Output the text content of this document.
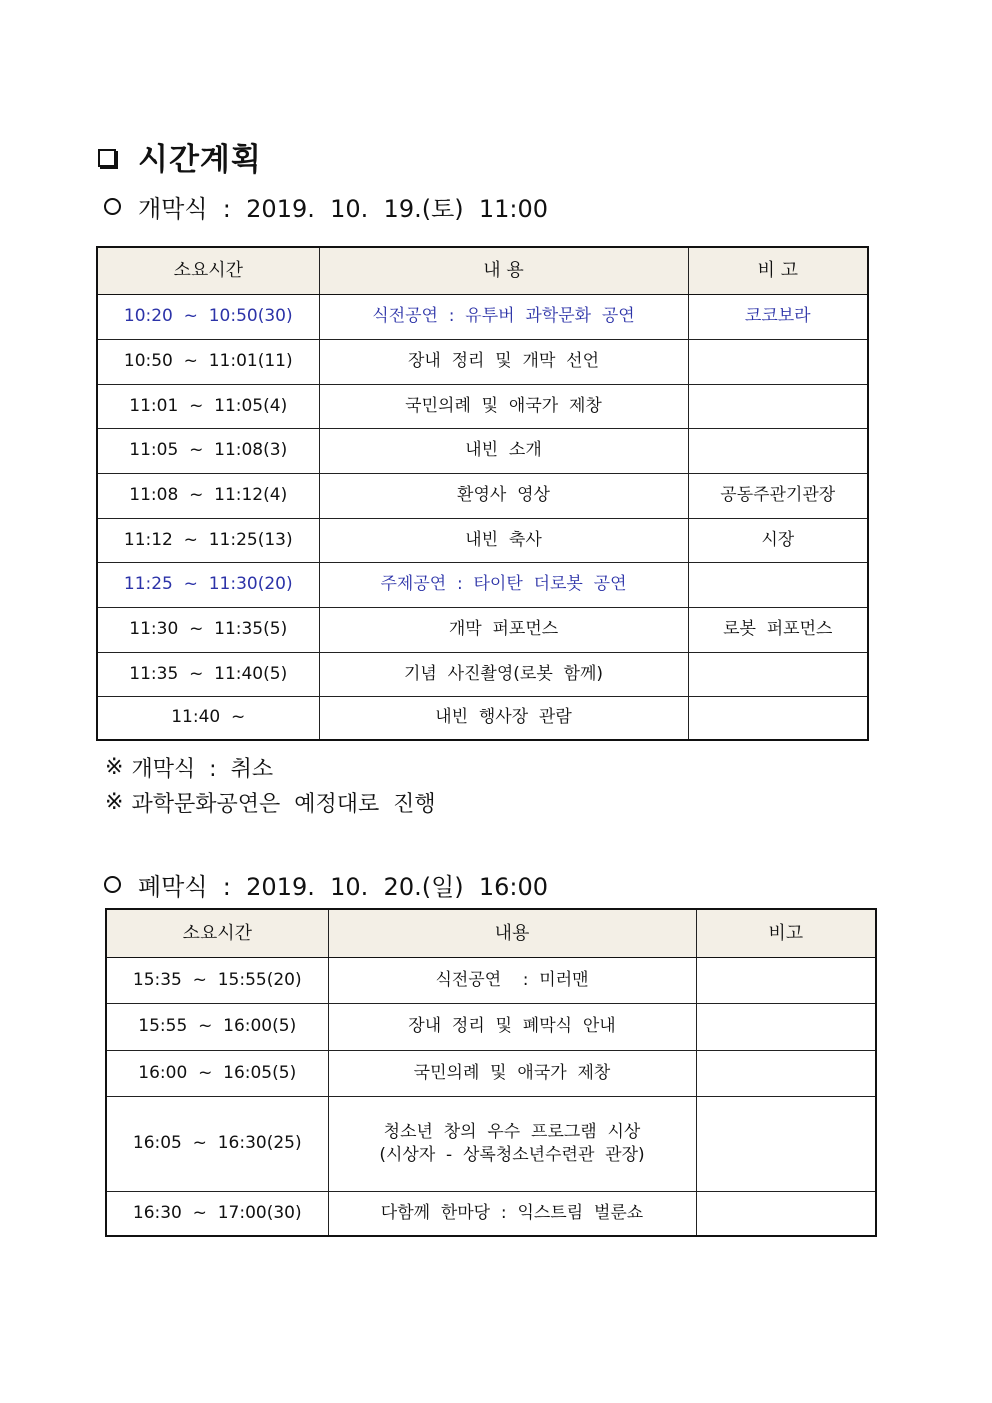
시간계획
개막식  :  2019.  10.  19.(토)  11:00
소요시간	내 용	비 고
10:20  ~  10:50(30)	식전공연  :  유투버  과학문화  공연	코코보라
10:50  ~  11:01(11)	장내  정리  및  개막  선언	
11:01  ~  11:05(4)	국민의례  및  애국가  제창	
11:05  ~  11:08(3)	내빈  소개	
11:08  ~  11:12(4)	환영사  영상	공동주관기관장
11:12  ~  11:25(13)	내빈  축사	시장
11:25  ~  11:30(20)	주제공연  :  타이탄  더로봇  공연	
11:30  ~  11:35(5)	개막  퍼포먼스	로봇  퍼포먼스
11:35  ~  11:40(5)	기념  사진촬영(로봇  함께)	
11:40  ~	내빈  행사장  관람	
※ 개막식  :  취소
※ 과학문화공연은  예정대로  진행
폐막식  :  2019.  10.  20.(일)  16:00
소요시간	내용	비고
15:35  ~  15:55(20)	식전공연    :  미러맨	
15:55  ~  16:00(5)	장내  정리  및  폐막식  안내	
16:00  ~  16:05(5)	국민의례  및  애국가  제창	
16:05  ~  16:30(25)	청소년  창의  우수  프로그램  시상
(시상자  -  상록청소년수련관  관장)	
16:30  ~  17:00(30)	다함께  한마당  :  익스트림  벌룬쇼	
